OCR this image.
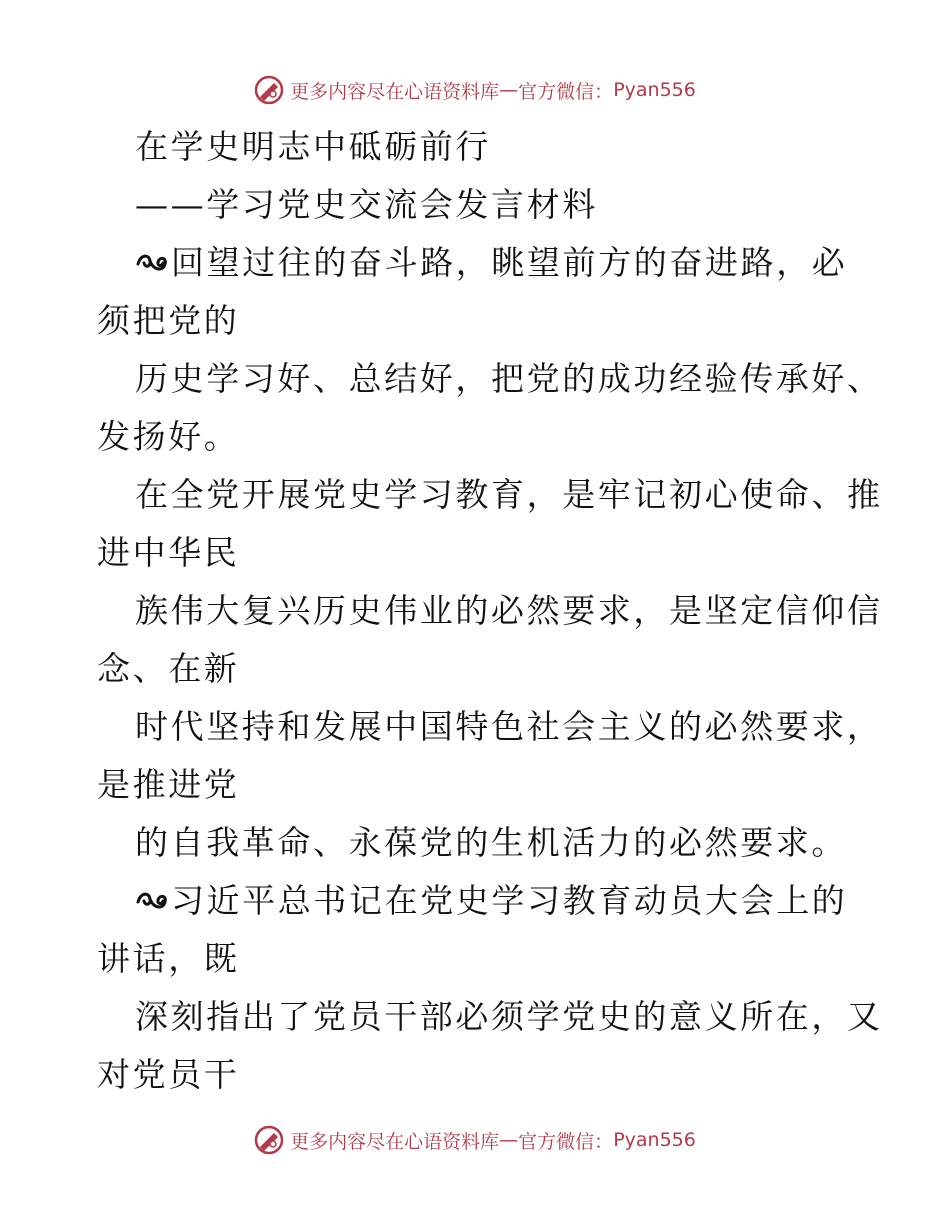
更多内容尽在心语资料库 — 官方微信： Pyan556
在学史明志中砥砺前行
——学习党史交流会发言材料
回望过往的奋斗路，眺望前方的奋进路，必
须把党的
历史学习好、总结好，把党的成功经验传承好、
发扬好。
在全党开展党史学习教育，是牢记初心使命、推
进中华民
族伟大复兴历史伟业的必然要求，是坚定信仰信
念、在新
时代坚持和发展中国特色社会主义的必然要求，
是推进党
的自我革命、永葆党的生机活力的必然要求。
习近平总书记在党史学习教育动员大会上的
讲话，既
深刻指出了党员干部必须学党史的意义所在，又
对党员干
更多内容尽在心语资料库 — 官方微信： Pyan556
